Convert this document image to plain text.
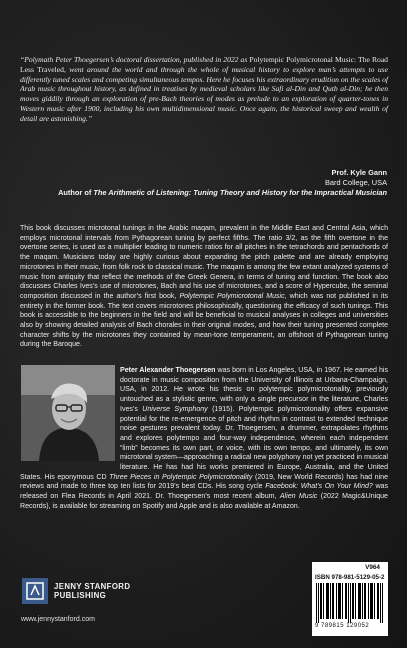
“Polymath Peter Thoegersen’s doctoral dissertation, published in 2022 as Polytempic Polymicrotonal Music: The Road Less Traveled, went around the world and through the whole of musical history to explore man’s attempts to use differently tuned scales and competing simultaneous tempos. Here he focuses his extraordinary erudition on the scales of Arab music throughout history, as defined in treatises by medieval scholars like Safi al-Din and Qutb al-Din; he then moves giddily through an exploration of pre-Bach theories of modes as prelude to an exploration of quarter-tones in Western music after 1900, including his own multidimensional music. Once again, the historical sweep and wealth of detail are astonishing.”
Prof. Kyle Gann
Bard College, USA
Author of The Arithmetic of Listening: Tuning Theory and History for the Impractical Musician
This book discusses microtonal tunings in the Arabic maqam, prevalent in the Middle East and Central Asia, which employs microtonal intervals from Pythagorean tuning by perfect fifths. The ratio 3/2, as the fifth overtone in the overtone series, is used as a multiplier leading to numeric ratios for all pitches in the tetrachords and pentachords of the maqam. Musicians today are highly curious about expanding the pitch palette and are already employing microtones in their music, from folk rock to classical music. The maqam is among the few extant analyzed systems of music from antiquity that reflect the methods of the Greek Genera, in terms of tuning and function. The book also discusses Charles Ives’s use of microtones, Bach and his use of microtones, and a score of Hypercube, the seminal composition discussed in the author’s first book, Polytempic Polymicrotonal Music, which was not published in its entirety in the former book. The text covers microtones philosophically, questioning the efficacy of such tunings. This book is accessible to the beginners in the field and will be beneficial to musical analyses in colleges and universities also by showing detailed analysis of Bach chorales in their original modes, and how their tuning presented complete character shifts by the microtones they contained by mean-tone temperament, an offshoot of Pythagorean tuning during the Baroque.
Peter Alexander Thoegersen was born in Los Angeles, USA, in 1967. He earned his doctorate in music composition from the University of Illinois at Urbana-Champaign, USA, in 2012. He wrote his thesis on polytempic polymicrotonality, previously untouched as a stylistic genre, with only a single precursor in the literature, Charles Ives’s Universe Symphony (1915). Polytempic polymicrotonality offers expansive potential for the re-emergence of pitch and rhythm in contrast to extended technique noise gestures prevalent today. Dr. Thoegersen, a drummer, extrapolates rhythms and explores polytempo and four-way independence, wherein each independent “limb” becomes its own part, or voice, with its own tempo, and ultimately, its own microtonal system—approaching a radical new polyphony not yet practiced in musical literature. He has had his works premiered in Europe, Australia, and the United States. His eponymous CD Three Pieces in Polytempic Polymicrotonality (2019, New World Records) has had nine reviews and made to three top ten lists for 2019’s best CDs. His song cycle Facebook: What’s On Your Mind? was released on Flea Records in April 2021. Dr. Thoegersen’s most recent album, Alien Music (2022 Magic&Unique Records), is available for streaming on Spotify and Apple and is also available at Amazon.
JENNY STANFORD
PUBLISHING
www.jennystanford.com
V964
ISBN 978-981-5129-05-2
9 789815 129052
